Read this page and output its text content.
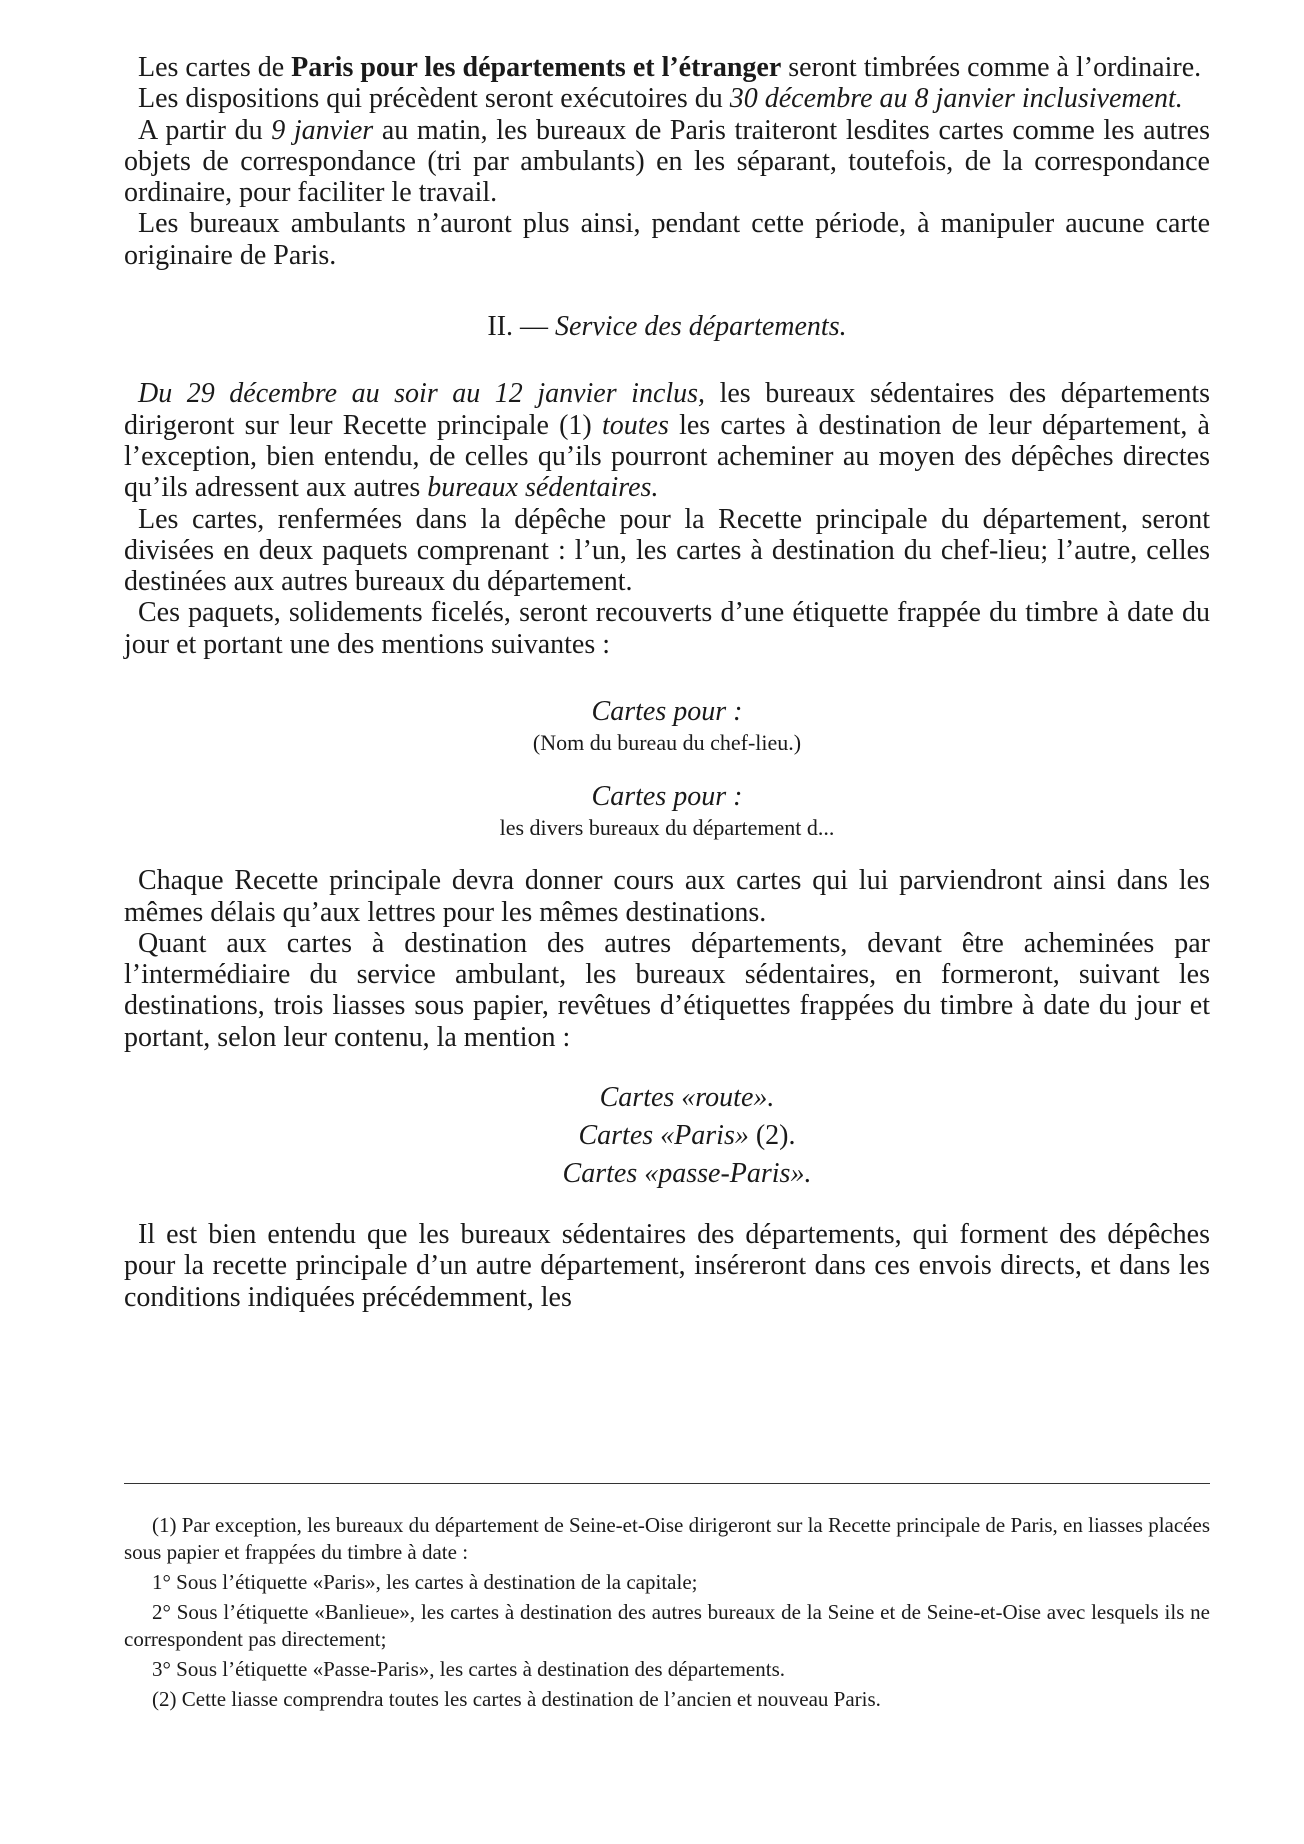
Les cartes de Paris pour les départements et l’étranger seront timbrées comme à l’ordinaire.

Les dispositions qui précèdent seront exécutoires du 30 décembre au 8 janvier inclusivement.

A partir du 9 janvier au matin, les bureaux de Paris traiteront lesdites cartes comme les autres objets de correspondance (tri par ambulants) en les séparant, toutefois, de la correspondance ordinaire, pour faciliter le travail.

Les bureaux ambulants n’auront plus ainsi, pendant cette période, à manipuler aucune carte originaire de Paris.

II. — Service des départements.

Du 29 décembre au soir au 12 janvier inclus, les bureaux sédentaires des départements dirigeront sur leur Recette principale (1) toutes les cartes à destination de leur département, à l’exception, bien entendu, de celles qu’ils pourront acheminer au moyen des dépêches directes qu’ils adressent aux autres bureaux sédentaires.

Les cartes, renfermées dans la dépêche pour la Recette principale du département, seront divisées en deux paquets comprenant : l’un, les cartes à destination du chef-lieu; l’autre, celles destinées aux autres bureaux du département.

Ces paquets, solidements ficelés, seront recouverts d’une étiquette frappée du timbre à date du jour et portant une des mentions suivantes :

Cartes pour :

(Nom du bureau du chef-lieu.)

Cartes pour :

les divers bureaux du département d...

Chaque Recette principale devra donner cours aux cartes qui lui parviendront ainsi dans les mêmes délais qu’aux lettres pour les mêmes destinations.

Quant aux cartes à destination des autres départements, devant être acheminées par l’intermédiaire du service ambulant, les bureaux sédentaires, en formeront, suivant les destinations, trois liasses sous papier, revêtues d’étiquettes frappées du timbre à date du jour et portant, selon leur contenu, la mention :

Cartes «route».

Cartes «Paris» (2).

Cartes «passe-Paris».

Il est bien entendu que les bureaux sédentaires des départements, qui forment des dépêches pour la recette principale d’un autre département, inséreront dans ces envois directs, et dans les conditions indiquées précédemment, les

(1) Par exception, les bureaux du département de Seine-et-Oise dirigeront sur la Recette principale de Paris, en liasses placées sous papier et frappées du timbre à date :

1° Sous l’étiquette «Paris», les cartes à destination de la capitale;

2° Sous l’étiquette «Banlieue», les cartes à destination des autres bureaux de la Seine et de Seine-et-Oise avec lesquels ils ne correspondent pas directement;

3° Sous l’étiquette «Passe-Paris», les cartes à destination des départements.

(2) Cette liasse comprendra toutes les cartes à destination de l’ancien et nouveau Paris.
